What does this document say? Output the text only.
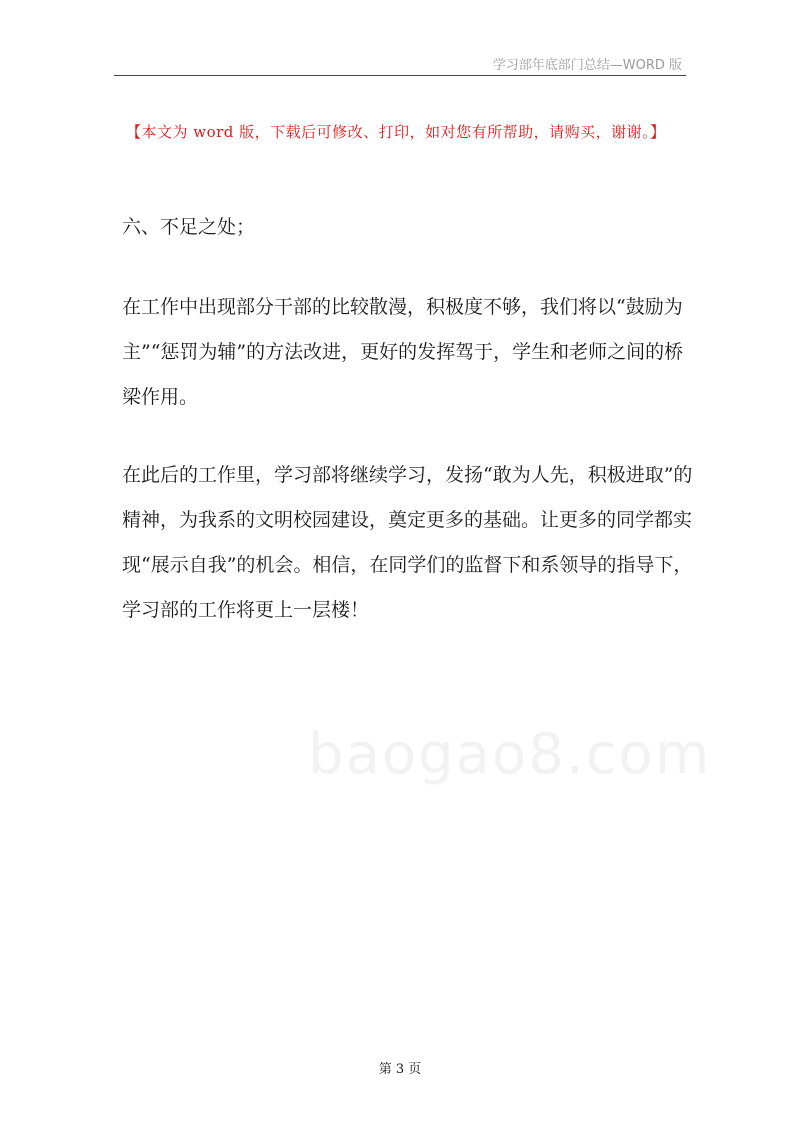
学习部年底部门总结—WORD 版
【本文为 word 版，下载后可修改、打印，如对您有所帮助，请购买，谢谢。】
六、不足之处；

在工作中出现部分干部的比较散漫，积极度不够，我们将以“鼓励为
主”“惩罚为辅”的方法改进，更好的发挥驾于，学生和老师之间的桥
梁作用。

在此后的工作里，学习部将继续学习，发扬“敢为人先，积极进取”的
精神，为我系的文明校园建设，奠定更多的基础。让更多的同学都实
现“展示自我”的机会。相信，在同学们的监督下和系领导的指导下，
学习部的工作将更上一层楼！

baogao8.com
第 3 页
